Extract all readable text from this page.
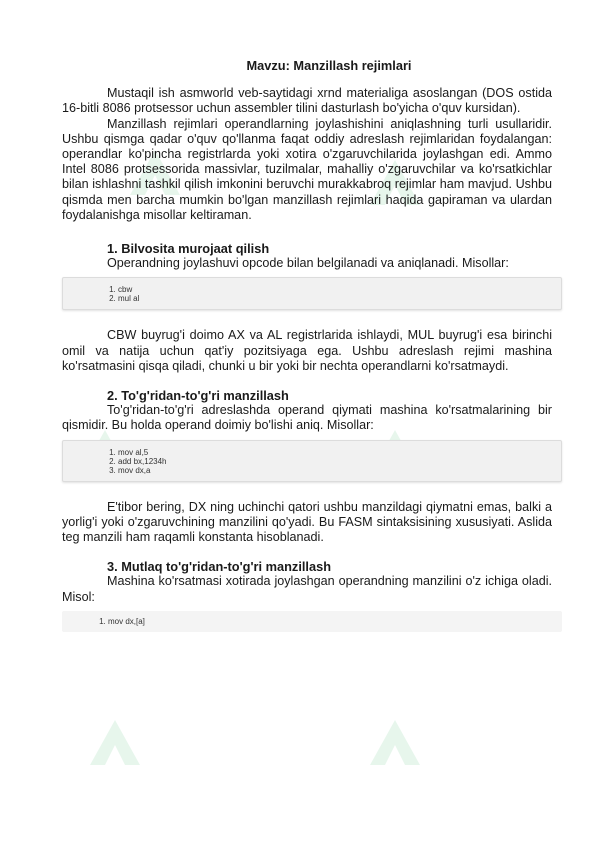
Mavzu: Manzillash rejimlari

Mustaqil ish asmworld veb-saytidagi xrnd materialiga asoslangan (DOS ostida 16-bitli 8086 protsessor uchun assembler tilini dasturlash bo'yicha o'quv kursidan).

Manzillash rejimlari operandlarning joylashishini aniqlashning turli usullaridir. Ushbu qismga qadar o'quv qo'llanma faqat oddiy adreslash rejimlaridan foydalangan: operandlar ko'pincha registrlarda yoki xotira o'zgaruvchilarida joylashgan edi. Ammo Intel 8086 protsessorida massivlar, tuzilmalar, mahalliy o'zgaruvchilar va ko'rsatkichlar bilan ishlashni tashkil qilish imkonini beruvchi murakkabroq rejimlar ham mavjud. Ushbu qismda men barcha mumkin bo'lgan manzillash rejimlari haqida gapiraman va ulardan foydalanishga misollar keltiraman.

1. Bilvosita murojaat qilish

Operandning joylashuvi opcode bilan belgilanadi va aniqlanadi. Misollar:

1. cbw
2. mul al

CBW buyrug'i doimo AX va AL registrlarida ishlaydi, MUL buyrug'i esa birinchi omil va natija uchun qat'iy pozitsiyaga ega. Ushbu adreslash rejimi mashina ko'rsatmasini qisqa qiladi, chunki u bir yoki bir nechta operandlarni ko'rsatmaydi.

2. To'g'ridan-to'g'ri manzillash

To'g'ridan-to'g'ri adreslashda operand qiymati mashina ko'rsatmalarining bir qismidir. Bu holda operand doimiy bo'lishi aniq. Misollar:

1. mov al,5
2. add bx,1234h
3. mov dx,a

E'tibor bering, DX ning uchinchi qatori ushbu manzildagi qiymatni emas, balki a yorlig'i yoki o'zgaruvchining manzilini qo'yadi. Bu FASM sintaksisining xususiyati. Aslida teg manzili ham raqamli konstanta hisoblanadi.

3. Mutlaq to'g'ridan-to'g'ri manzillash

Mashina ko'rsatmasi xotirada joylashgan operandning manzilini o'z ichiga oladi. Misol:

1. mov dx,[a]
